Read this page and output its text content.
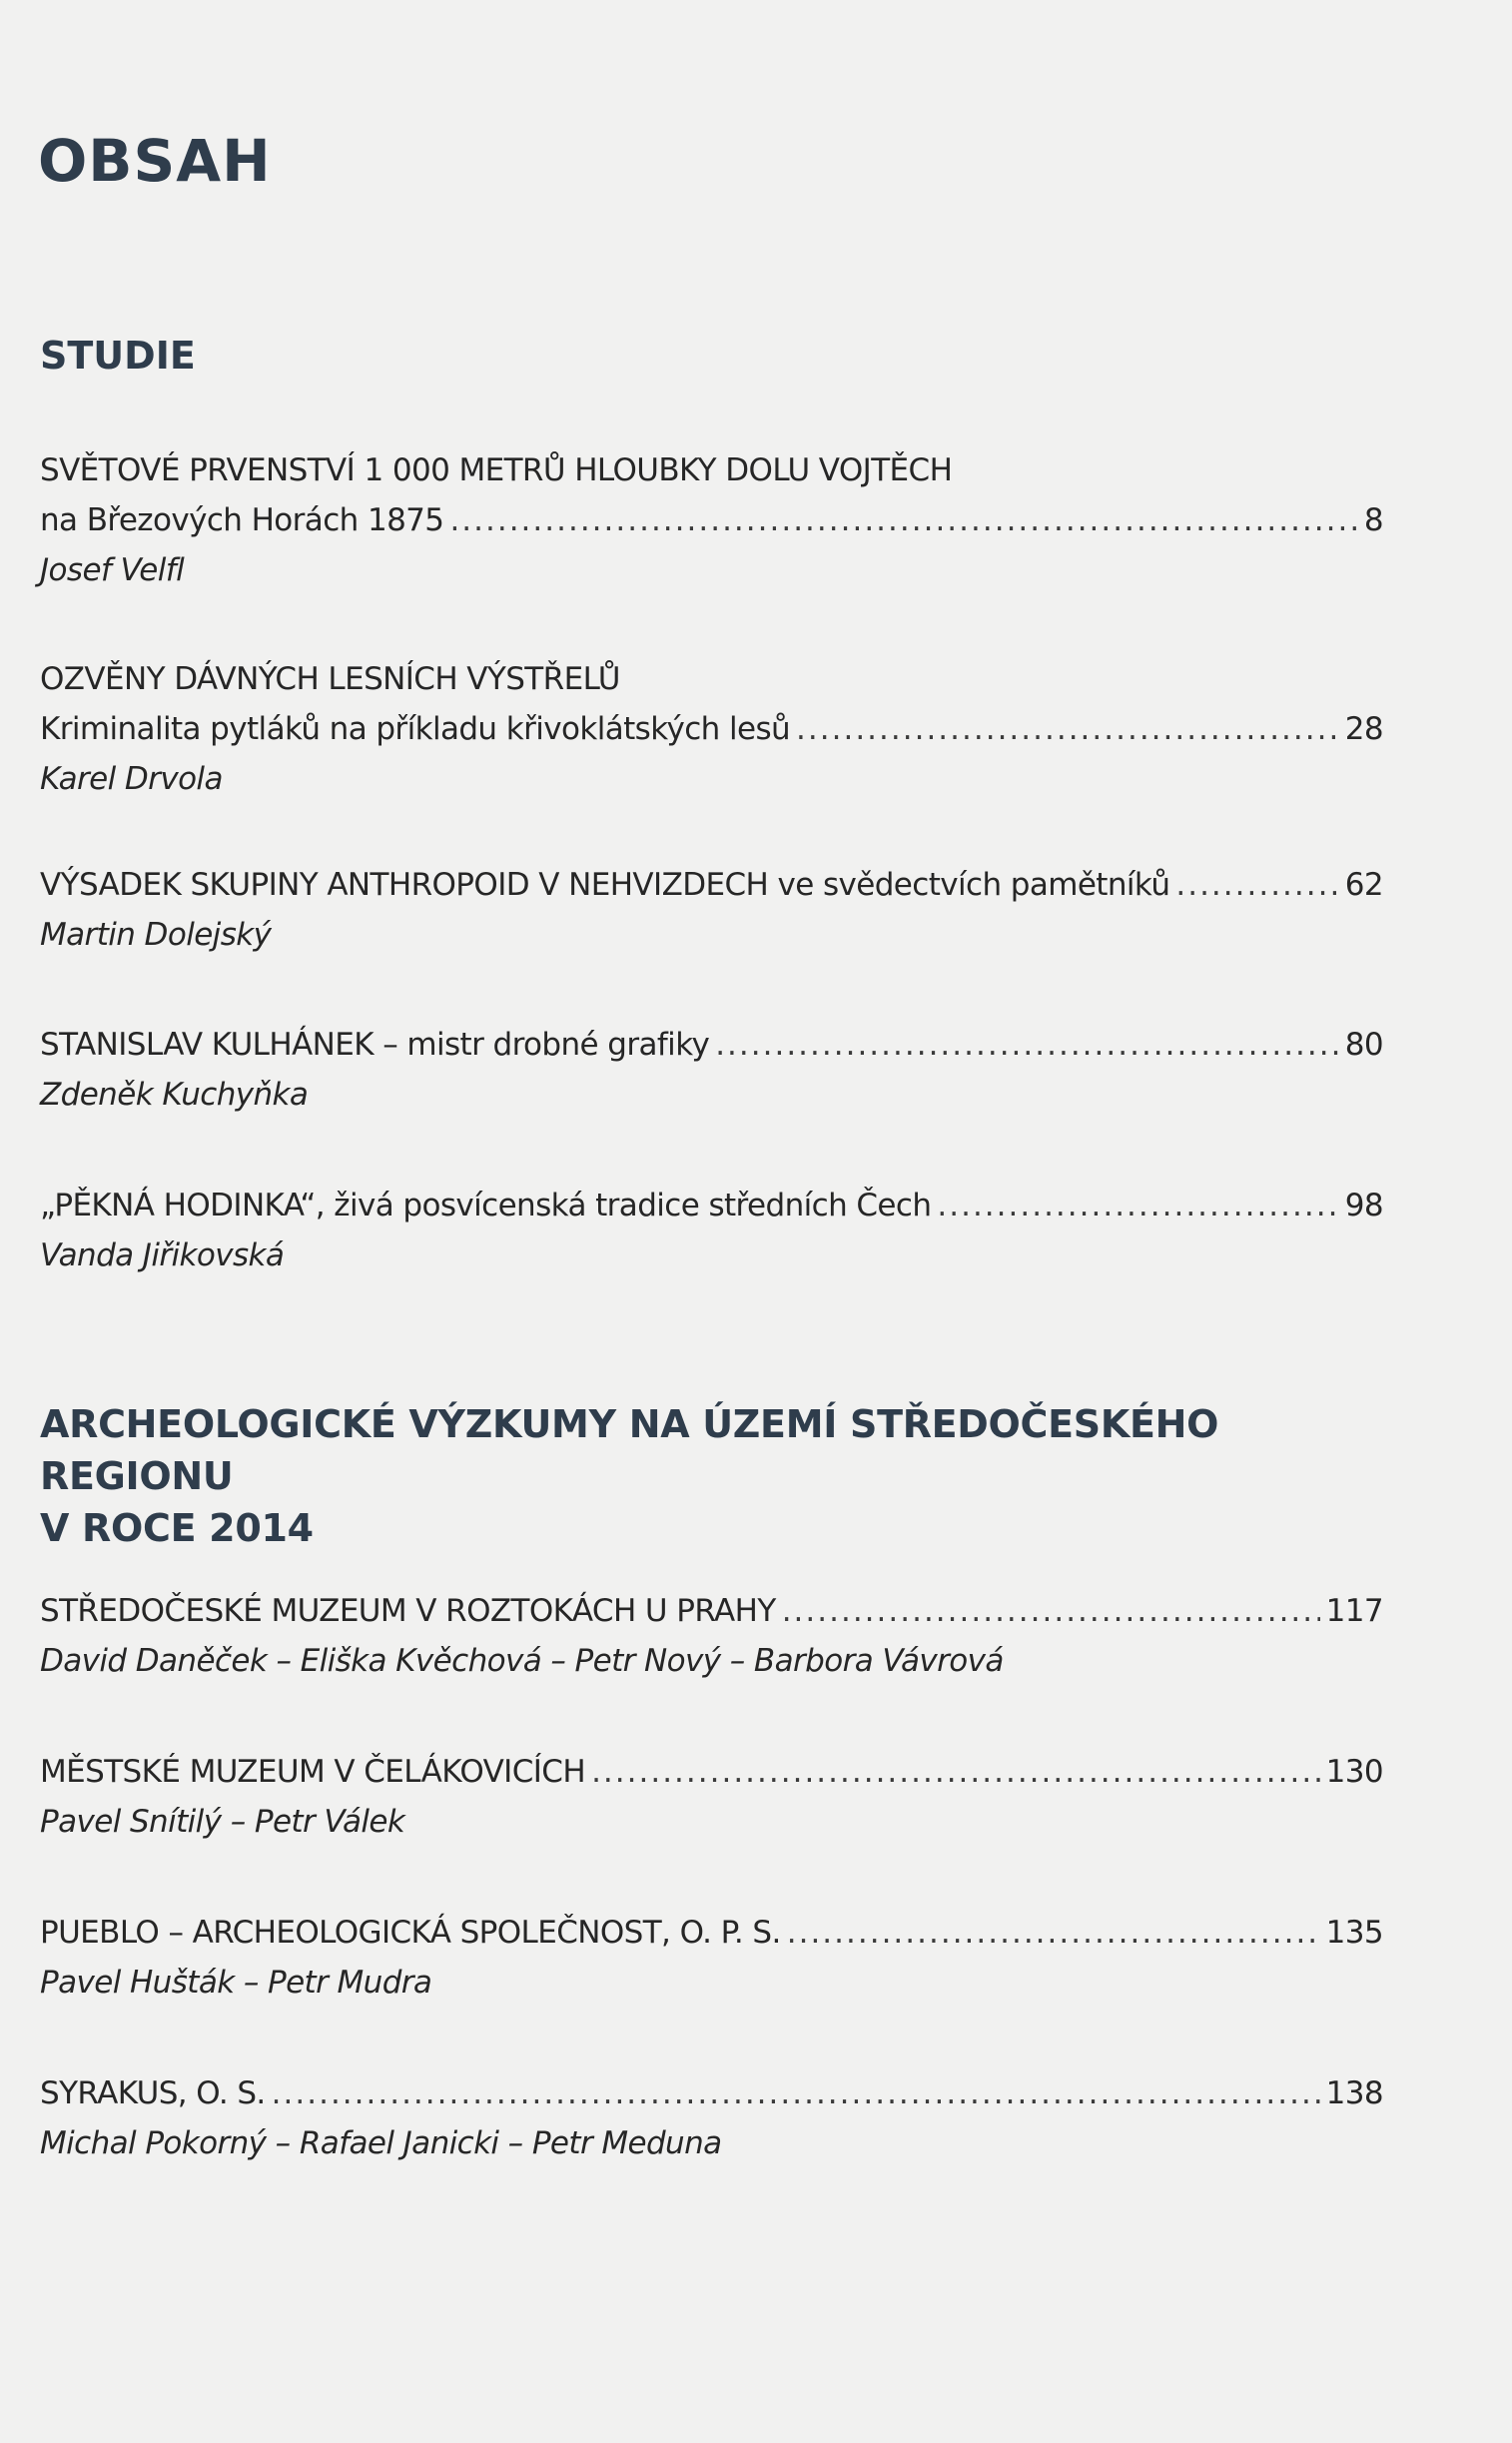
OBSAH
STUDIE
SVĚTOVÉ PRVENSTVÍ 1 000 METRŮ HLOUBKY DOLU VOJTĚCH
na Březových Horách 1875 .....	8
Josef Velfl
OZVĚNY DÁVNÝCH LESNÍCH VÝSTŘELŮ
Kriminalita pytláků na příkladu křivoklátských lesů .....	28
Karel Drvola
VÝSADEK SKUPINY ANTHROPOID V NEHVIZDECH ve svědectvích pamětníků .....	62
Martin Dolejský
STANISLAV KULHÁNEK – mistr drobné grafiky .....	80
Zdeněk Kuchyňka
„PĚKNÁ HODINKA“, živá posvícenská tradice středních Čech .....	98
Vanda Jiřikovská
ARCHEOLOGICKÉ VÝZKUMY NA ÚZEMÍ STŘEDOČESKÉHO REGIONU
V ROCE 2014
STŘEDOČESKÉ MUZEUM V ROZTOKÁCH U PRAHY .....	117
David Daněček – Eliška Kvěchová – Petr Nový – Barbora Vávrová
MĚSTSKÉ MUZEUM V ČELÁKOVICÍCH .....	130
Pavel Snítilý – Petr Válek
PUEBLO – ARCHEOLOGICKÁ SPOLEČNOST, O. P. S. .....	135
Pavel Hušták – Petr Mudra
SYRAKUS, O. S. .....	138
Michal Pokorný – Rafael Janicki – Petr Meduna
